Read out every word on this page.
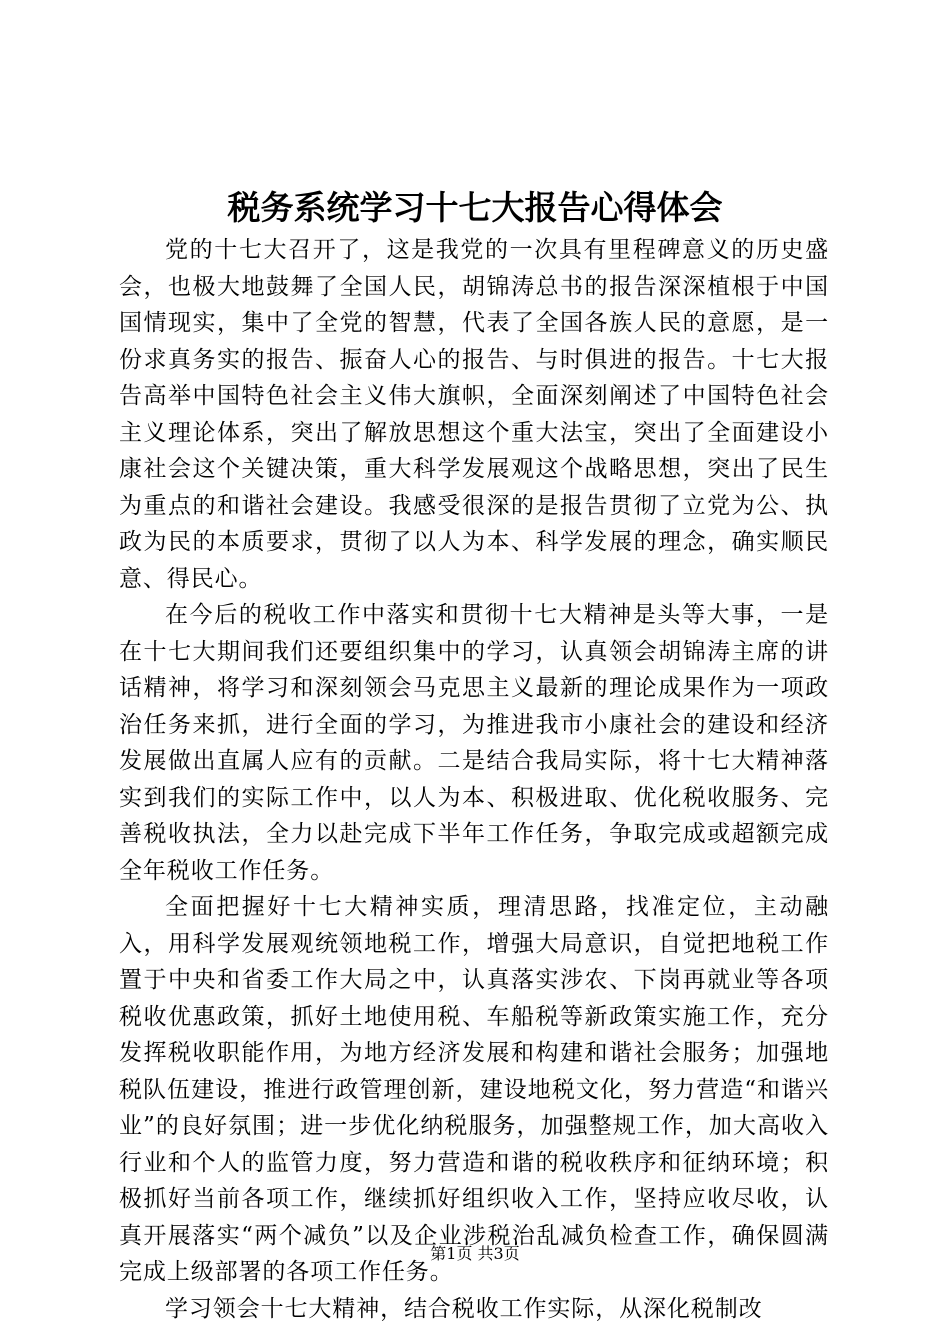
税务系统学习十七大报告心得体会

党的十七大召开了，这是我党的一次具有里程碑意义的历史盛会，也极大地鼓舞了全国人民，胡锦涛总书的报告深深植根于中国国情现实，集中了全党的智慧，代表了全国各族人民的意愿，是一份求真务实的报告、振奋人心的报告、与时俱进的报告。十七大报告高举中国特色社会主义伟大旗帜，全面深刻阐述了中国特色社会主义理论体系，突出了解放思想这个重大法宝，突出了全面建设小康社会这个关键决策，重大科学发展观这个战略思想，突出了民生为重点的和谐社会建设。我感受很深的是报告贯彻了立党为公、执政为民的本质要求，贯彻了以人为本、科学发展的理念，确实顺民意、得民心。

在今后的税收工作中落实和贯彻十七大精神是头等大事，一是在十七大期间我们还要组织集中的学习，认真领会胡锦涛主席的讲话精神，将学习和深刻领会马克思主义最新的理论成果作为一项政治任务来抓，进行全面的学习，为推进我市小康社会的建设和经济发展做出直属人应有的贡献。二是结合我局实际，将十七大精神落实到我们的实际工作中，以人为本、积极进取、优化税收服务、完善税收执法，全力以赴完成下半年工作任务，争取完成或超额完成全年税收工作任务。

全面把握好十七大精神实质，理清思路，找准定位，主动融入，用科学发展观统领地税工作，增强大局意识，自觉把地税工作置于中央和省委工作大局之中，认真落实涉农、下岗再就业等各项税收优惠政策，抓好土地使用税、车船税等新政策实施工作，充分发挥税收职能作用，为地方经济发展和构建和谐社会服务；加强地税队伍建设，推进行政管理创新，建设地税文化，努力营造“和谐兴业”的良好氛围；进一步优化纳税服务，加强整规工作，加大高收入行业和个人的监管力度，努力营造和谐的税收秩序和征纳环境；积极抓好当前各项工作，继续抓好组织收入工作，坚持应收尽收，认真开展落实“两个减负”以及企业涉税治乱减负检查工作，确保圆满完成上级部署的各项工作任务。

学习领会十七大精神，结合税收工作实际，从深化税制改

第1页 共3页
